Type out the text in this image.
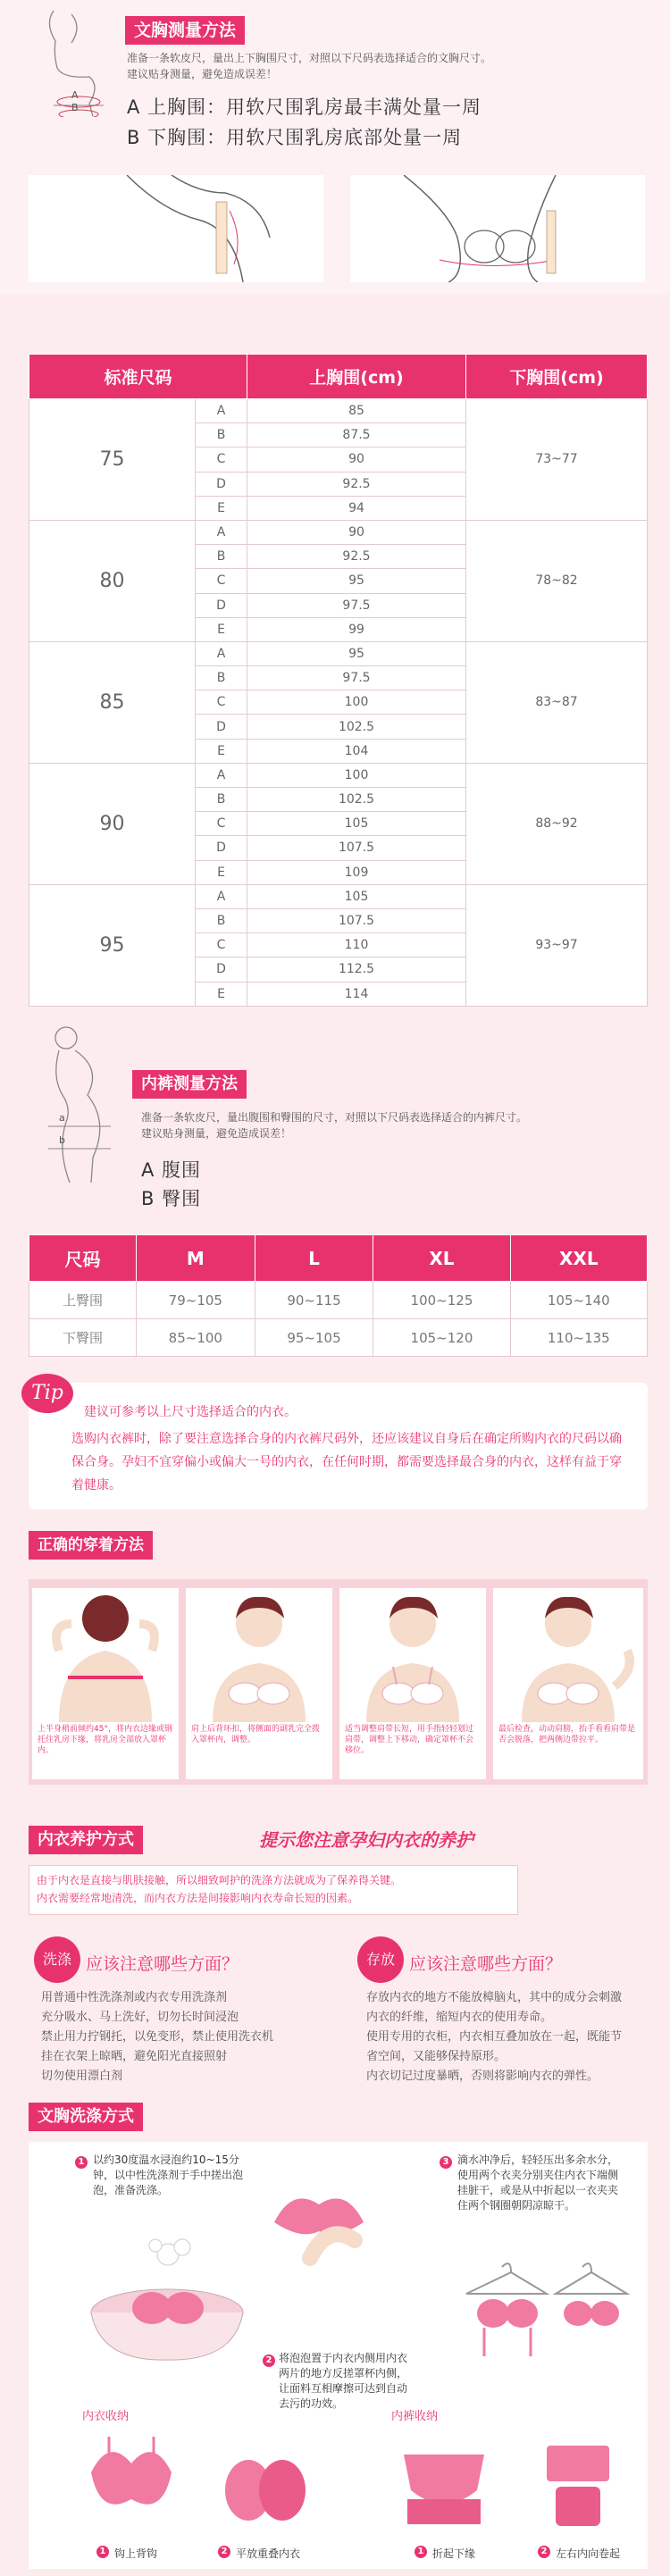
A
B
文胸测量方法
准备一条软皮尺，量出上下胸围尺寸，对照以下尺码表选择适合的文胸尺寸。
建议贴身测量，避免造成误差！
A 上胸围：用软尺围乳房最丰满处量一周
B 下胸围：用软尺围乳房底部处量一周
标准尺码		上胸围(cm)	下胸围(cm)
75	A	85	73~77
	B	87.5	
	C	90	
	D	92.5	
	E	94	
80	A	90	78~82
	B	92.5	
	C	95	
	D	97.5	
	E	99	
85	A	95	83~87
	B	97.5	
	C	100	
	D	102.5	
	E	104	
90	A	100	88~92
	B	102.5	
	C	105	
	D	107.5	
	E	109	
95	A	105	93~97
	B	107.5	
	C	110	
	D	112.5	
	E	114	
a
b
内裤测量方法
准备一条软皮尺，量出腹围和臀围的尺寸，对照以下尺码表选择适合的内裤尺寸。
建议贴身测量，避免造成误差！
A 腹围
B 臀围
尺码	M	L	XL	XXL
上臀围	79~105	90~115	100~125	105~140
下臀围	85~100	95~105	105~120	110~135
Tip
建议可参考以上尺寸选择适合的内衣。
选购内衣裤时，除了要注意选择合身的内衣裤尺码外，还应该建议自身后在确定所购内衣的尺码以确保合身。孕妇不宜穿偏小或偏大一号的内衣，在任何时期，都需要选择最合身的内衣，这样有益于穿着健康。
正确的穿着方法
上半身稍前倾约45°，将内衣边缘或钢托住乳房下缘，将乳房全部放入罩杯内。
肩上后背环扣，将侧面的副乳完全拨入罩杯内，调整。
适当调整肩带长短，用手指轻轻划过肩带，调整上下移动，确定罩杯不会移位。
最后检查，动动肩膀，抬手看看肩带是否会脱落，把两侧边带拉平。
内衣养护方式	提示您注意孕妇内衣的养护
由于内衣是直接与肌肤接触，所以细致呵护的洗涤方法就成为了保养得关键。
内衣需要经常地清洗，而内衣方法是间接影响内衣寿命长短的因素。
洗涤 应该注意哪些方面？
用普通中性洗涤剂或内衣专用洗涤剂
充分吸水、马上洗好，切勿长时间浸泡
禁止用力拧钢托，以免变形，禁止使用洗衣机
挂在衣架上晾晒，避免阳光直接照射
切勿使用漂白剂
存放 应该注意哪些方面？
存放内衣的地方不能放樟脑丸，其中的成分会刺激内衣的纤维，缩短内衣的使用寿命。
使用专用的衣柜，内衣相互叠加放在一起，既能节省空间，又能够保持原形。
内衣切记过度暴晒，否则将影响内衣的弹性。
文胸洗涤方式
1 以约30度温水浸泡约10~15分钟，以中性洗涤剂于手中搓出泡泡，准备洗涤。
2 将泡泡置于内衣内侧用内衣两片的地方反搓罩杯内侧，让面料互相摩擦可达到自动去污的功效。
3 滴水冲净后，轻轻压出多余水分，使用两个衣夹分别夹住内衣下端侧挂脏干，或是从中折起以一衣夹夹住两个钢圈朝阴凉晾干。
内衣收纳	内裤收纳
1 钩上背钩	2 平放重叠内衣	1 折起下缘	2 左右内向卷起
